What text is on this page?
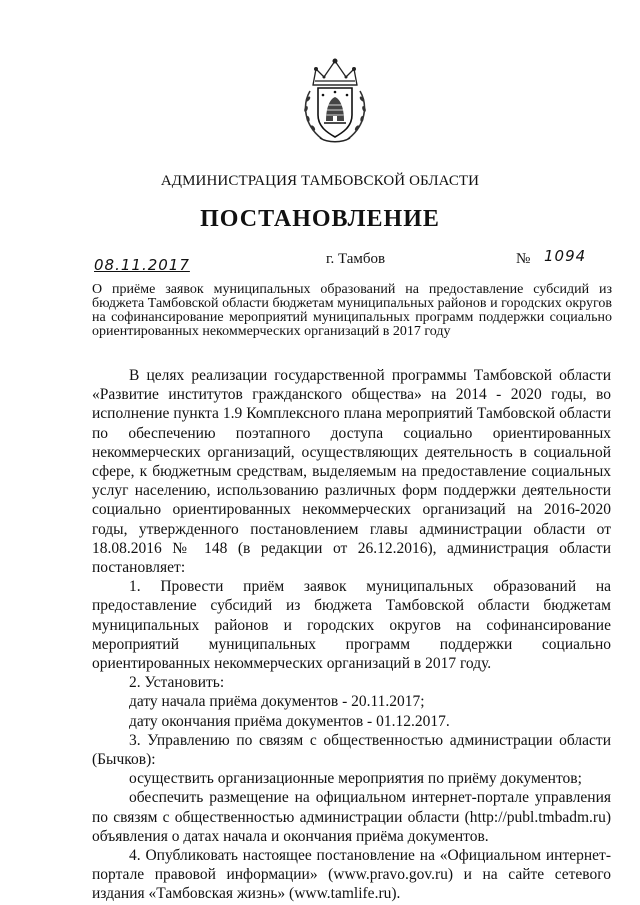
АДМИНИСТРАЦИЯ ТАМБОВСКОЙ ОБЛАСТИ
ПОСТАНОВЛЕНИЕ
08.11.2017	г. Тамбов	№ 1094
О приёме заявок муниципальных образований на предоставление субсидий из бюджета Тамбовской области бюджетам муниципальных районов и городских округов на софинансирование мероприятий муниципальных программ поддержки социально ориентированных некоммерческих организаций в 2017 году

В целях реализации государственной программы Тамбовской области «Развитие институтов гражданского общества» на 2014 - 2020 годы, во исполнение пункта 1.9 Комплексного плана мероприятий Тамбовской области по обеспечению поэтапного доступа социально ориентированных некоммерческих организаций, осуществляющих деятельность в социальной сфере, к бюджетным средствам, выделяемым на предоставление социальных услуг населению, использованию различных форм поддержки деятельности социально ориентированных некоммерческих организаций на 2016-2020 годы, утвержденного постановлением главы администрации области от 18.08.2016 № 148 (в редакции от 26.12.2016), администрация области постановляет:

1. Провести приём заявок муниципальных образований на предоставление субсидий из бюджета Тамбовской области бюджетам муниципальных районов и городских округов на софинансирование мероприятий муниципальных программ поддержки социально ориентированных некоммерческих организаций в 2017 году.

2. Установить:

дату начала приёма документов - 20.11.2017;

дату окончания приёма документов - 01.12.2017.

3. Управлению по связям с общественностью администрации области (Бычков):

осуществить организационные мероприятия по приёму документов;

обеспечить размещение на официальном интернет-портале управления по связям с общественностью администрации области (http://publ.tmbadm.ru) объявления о датах начала и окончания приёма документов.

4. Опубликовать настоящее постановление на «Официальном интернет-портале правовой информации» (www.pravo.gov.ru) и на сайте сетевого издания «Тамбовская жизнь» (www.tamlife.ru).
